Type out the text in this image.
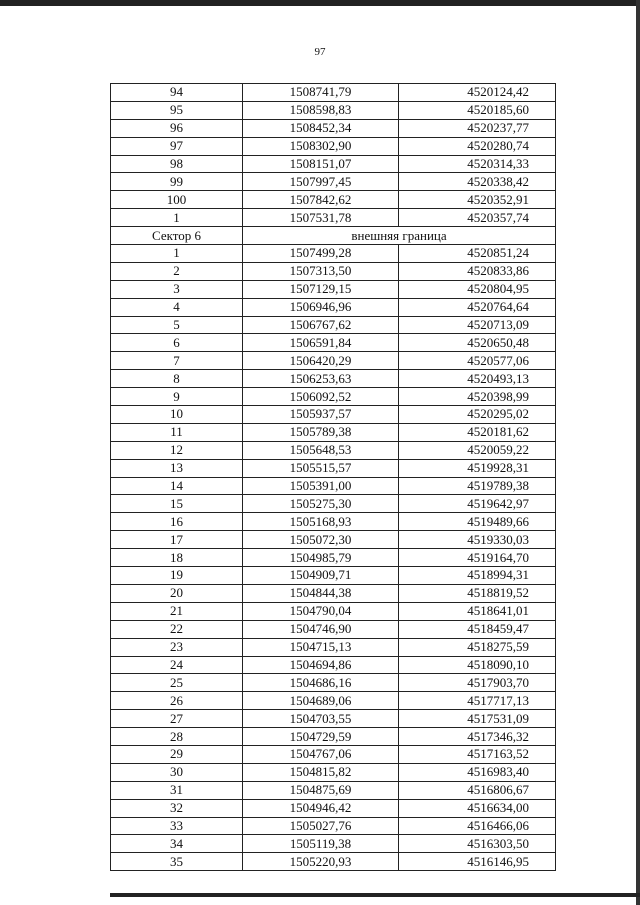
97
94	1508741,79	4520124,42
95	1508598,83	4520185,60
96	1508452,34	4520237,77
97	1508302,90	4520280,74
98	1508151,07	4520314,33
99	1507997,45	4520338,42
100	1507842,62	4520352,91
1	1507531,78	4520357,74
Сектор 6	внешняя граница	
1	1507499,28	4520851,24
2	1507313,50	4520833,86
3	1507129,15	4520804,95
4	1506946,96	4520764,64
5	1506767,62	4520713,09
6	1506591,84	4520650,48
7	1506420,29	4520577,06
8	1506253,63	4520493,13
9	1506092,52	4520398,99
10	1505937,57	4520295,02
11	1505789,38	4520181,62
12	1505648,53	4520059,22
13	1505515,57	4519928,31
14	1505391,00	4519789,38
15	1505275,30	4519642,97
16	1505168,93	4519489,66
17	1505072,30	4519330,03
18	1504985,79	4519164,70
19	1504909,71	4518994,31
20	1504844,38	4518819,52
21	1504790,04	4518641,01
22	1504746,90	4518459,47
23	1504715,13	4518275,59
24	1504694,86	4518090,10
25	1504686,16	4517903,70
26	1504689,06	4517717,13
27	1504703,55	4517531,09
28	1504729,59	4517346,32
29	1504767,06	4517163,52
30	1504815,82	4516983,40
31	1504875,69	4516806,67
32	1504946,42	4516634,00
33	1505027,76	4516466,06
34	1505119,38	4516303,50
35	1505220,93	4516146,95
